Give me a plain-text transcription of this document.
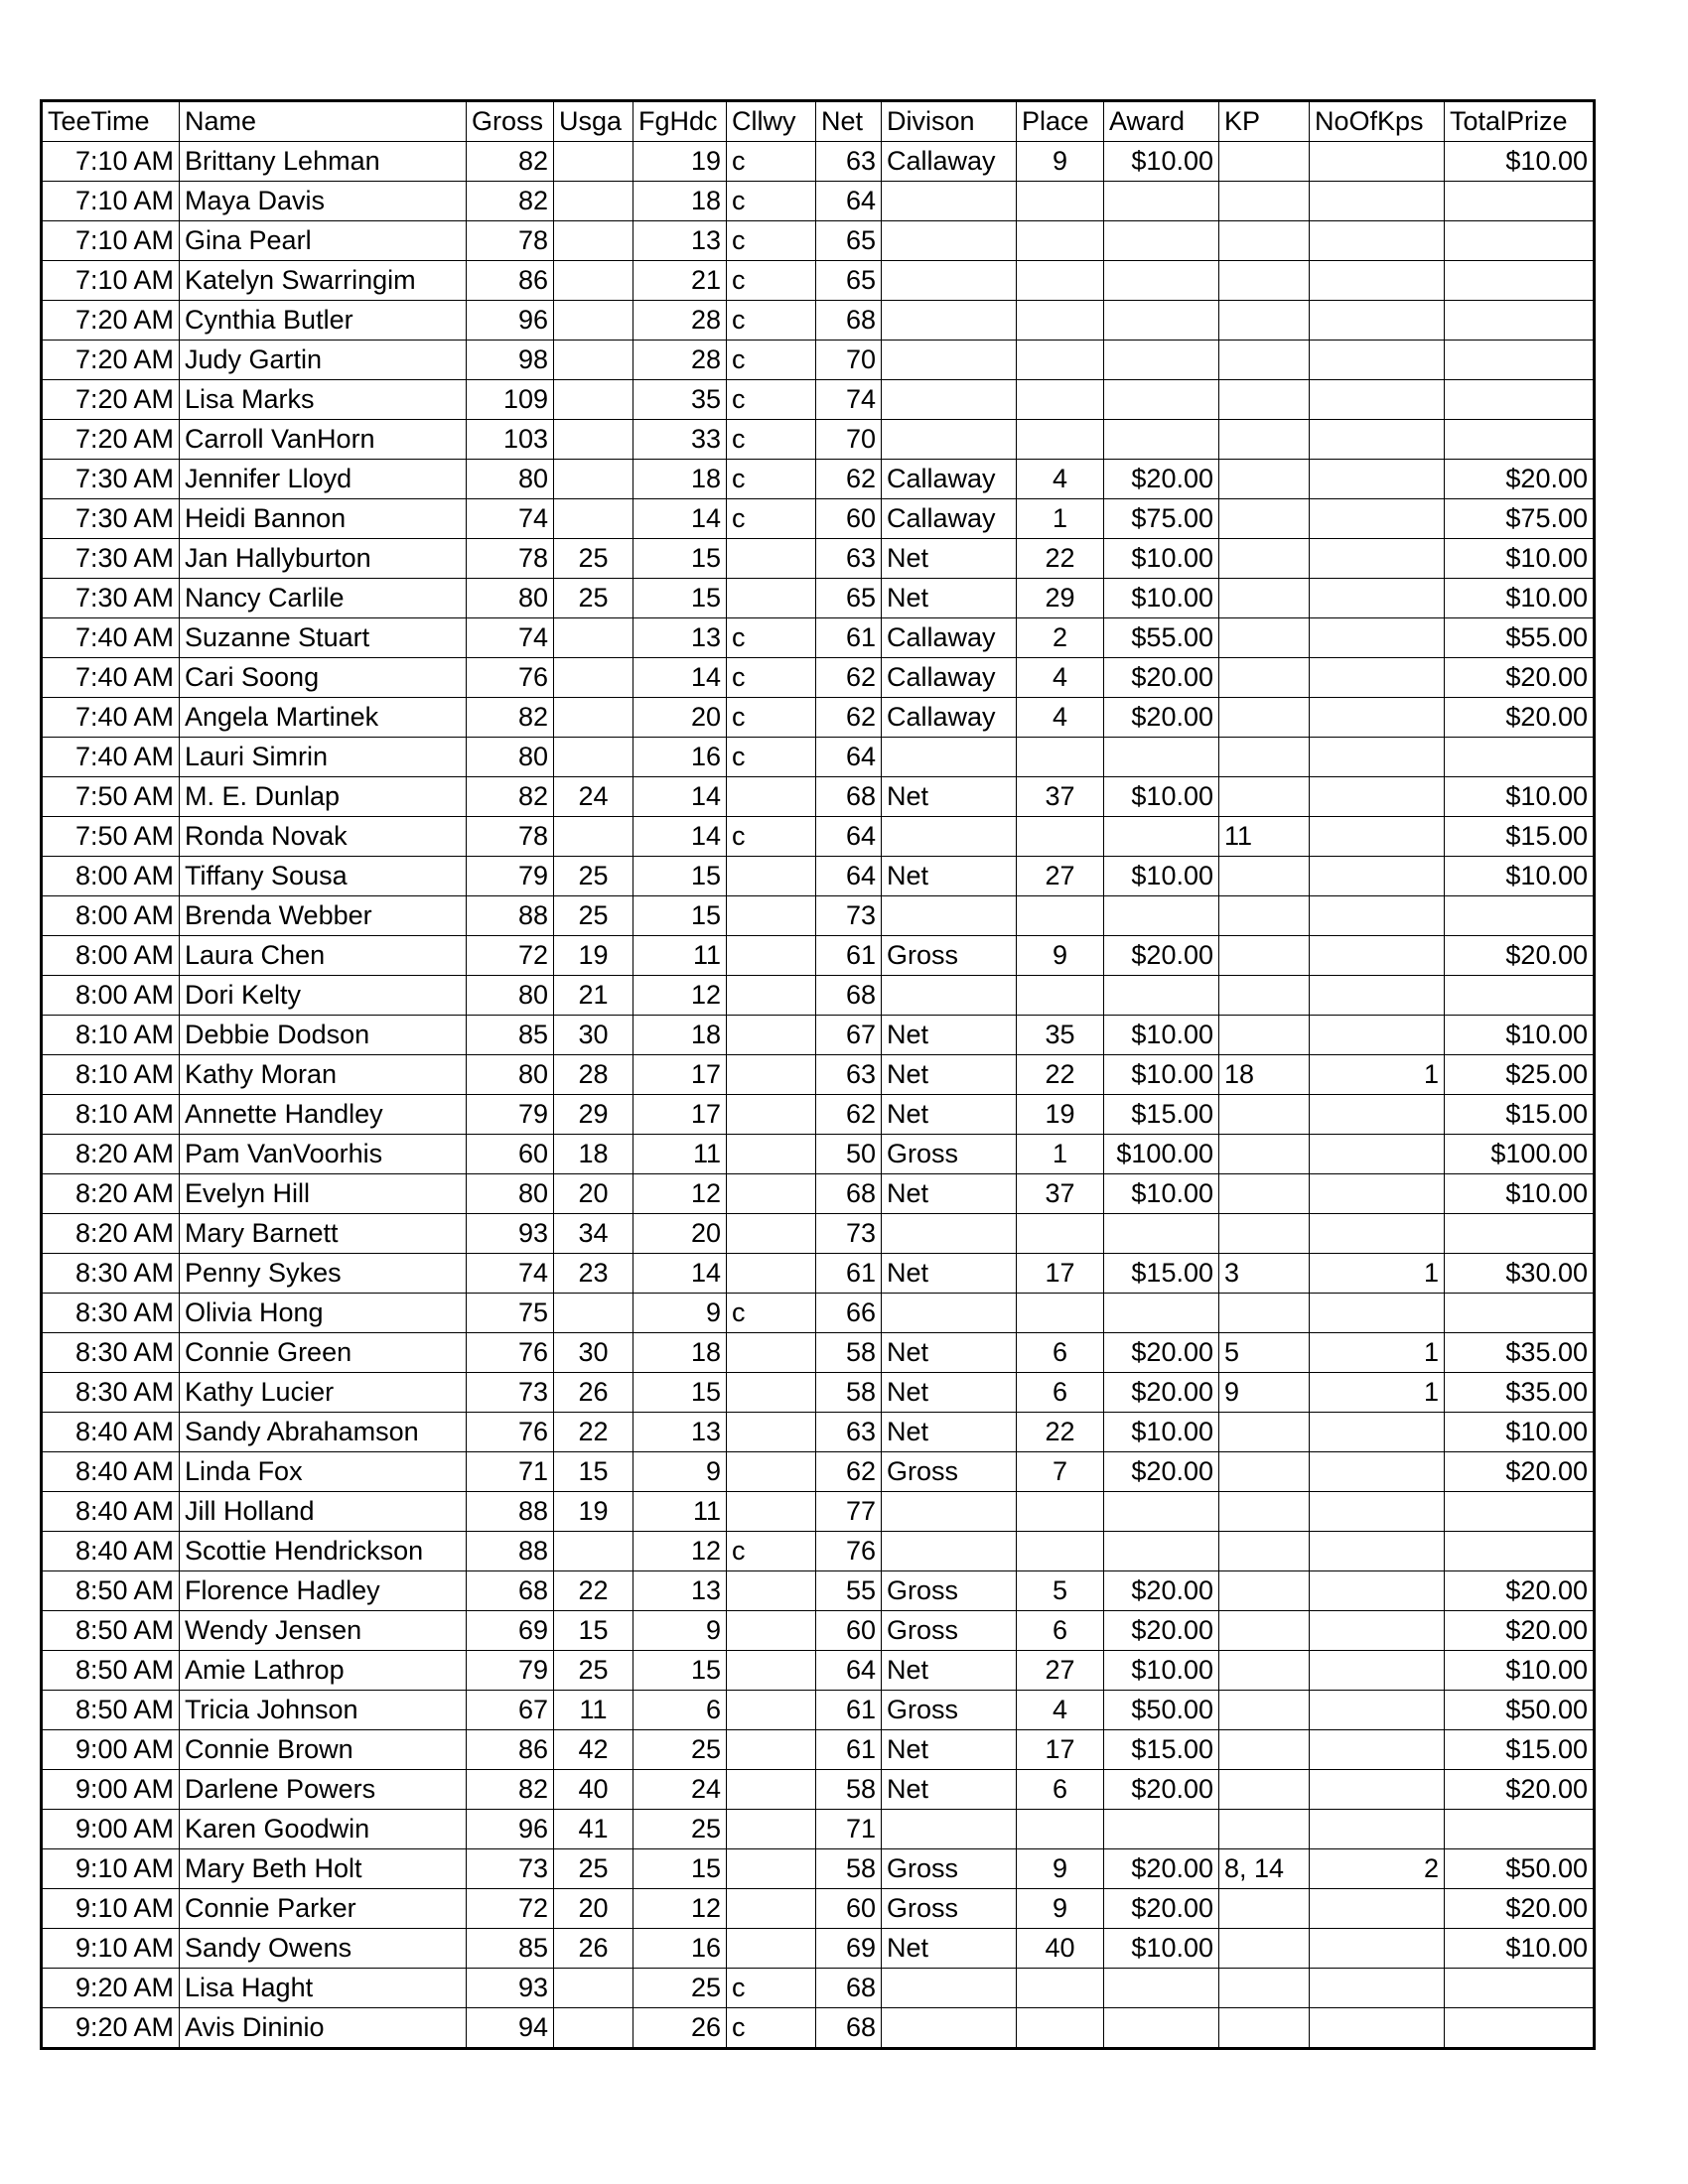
TeeTime	Name	Gross	Usga	FgHdc	Cllwy	Net	Divison	Place	Award	KP	NoOfKps	TotalPrize
7:10 AM	Brittany Lehman	82		19	c	63	Callaway	9	$10.00			$10.00
7:10 AM	Maya Davis	82		18	c	64						
7:10 AM	Gina Pearl	78		13	c	65						
7:10 AM	Katelyn Swarringim	86		21	c	65						
7:20 AM	Cynthia Butler	96		28	c	68						
7:20 AM	Judy Gartin	98		28	c	70						
7:20 AM	Lisa Marks	109		35	c	74						
7:20 AM	Carroll VanHorn	103		33	c	70						
7:30 AM	Jennifer Lloyd	80		18	c	62	Callaway	4	$20.00			$20.00
7:30 AM	Heidi Bannon	74		14	c	60	Callaway	1	$75.00			$75.00
7:30 AM	Jan Hallyburton	78	25	15		63	Net	22	$10.00			$10.00
7:30 AM	Nancy Carlile	80	25	15		65	Net	29	$10.00			$10.00
7:40 AM	Suzanne Stuart	74		13	c	61	Callaway	2	$55.00			$55.00
7:40 AM	Cari Soong	76		14	c	62	Callaway	4	$20.00			$20.00
7:40 AM	Angela Martinek	82		20	c	62	Callaway	4	$20.00			$20.00
7:40 AM	Lauri Simrin	80		16	c	64						
7:50 AM	M. E. Dunlap	82	24	14		68	Net	37	$10.00			$10.00
7:50 AM	Ronda Novak	78		14	c	64				11		$15.00
8:00 AM	Tiffany Sousa	79	25	15		64	Net	27	$10.00			$10.00
8:00 AM	Brenda Webber	88	25	15		73						
8:00 AM	Laura Chen	72	19	11		61	Gross	9	$20.00			$20.00
8:00 AM	Dori Kelty	80	21	12		68						
8:10 AM	Debbie Dodson	85	30	18		67	Net	35	$10.00			$10.00
8:10 AM	Kathy Moran	80	28	17		63	Net	22	$10.00	18	1	$25.00
8:10 AM	Annette Handley	79	29	17		62	Net	19	$15.00			$15.00
8:20 AM	Pam VanVoorhis	60	18	11		50	Gross	1	$100.00			$100.00
8:20 AM	Evelyn Hill	80	20	12		68	Net	37	$10.00			$10.00
8:20 AM	Mary Barnett	93	34	20		73						
8:30 AM	Penny Sykes	74	23	14		61	Net	17	$15.00	3	1	$30.00
8:30 AM	Olivia Hong	75		9	c	66						
8:30 AM	Connie Green	76	30	18		58	Net	6	$20.00	5	1	$35.00
8:30 AM	Kathy Lucier	73	26	15		58	Net	6	$20.00	9	1	$35.00
8:40 AM	Sandy Abrahamson	76	22	13		63	Net	22	$10.00			$10.00
8:40 AM	Linda Fox	71	15	9		62	Gross	7	$20.00			$20.00
8:40 AM	Jill Holland	88	19	11		77						
8:40 AM	Scottie Hendrickson	88		12	c	76						
8:50 AM	Florence Hadley	68	22	13		55	Gross	5	$20.00			$20.00
8:50 AM	Wendy Jensen	69	15	9		60	Gross	6	$20.00			$20.00
8:50 AM	Amie Lathrop	79	25	15		64	Net	27	$10.00			$10.00
8:50 AM	Tricia Johnson	67	11	6		61	Gross	4	$50.00			$50.00
9:00 AM	Connie Brown	86	42	25		61	Net	17	$15.00			$15.00
9:00 AM	Darlene Powers	82	40	24		58	Net	6	$20.00			$20.00
9:00 AM	Karen Goodwin	96	41	25		71						
9:10 AM	Mary Beth Holt	73	25	15		58	Gross	9	$20.00	8, 14	2	$50.00
9:10 AM	Connie Parker	72	20	12		60	Gross	9	$20.00			$20.00
9:10 AM	Sandy Owens	85	26	16		69	Net	40	$10.00			$10.00
9:20 AM	Lisa Haght	93		25	c	68						
9:20 AM	Avis Dininio	94		26	c	68						
